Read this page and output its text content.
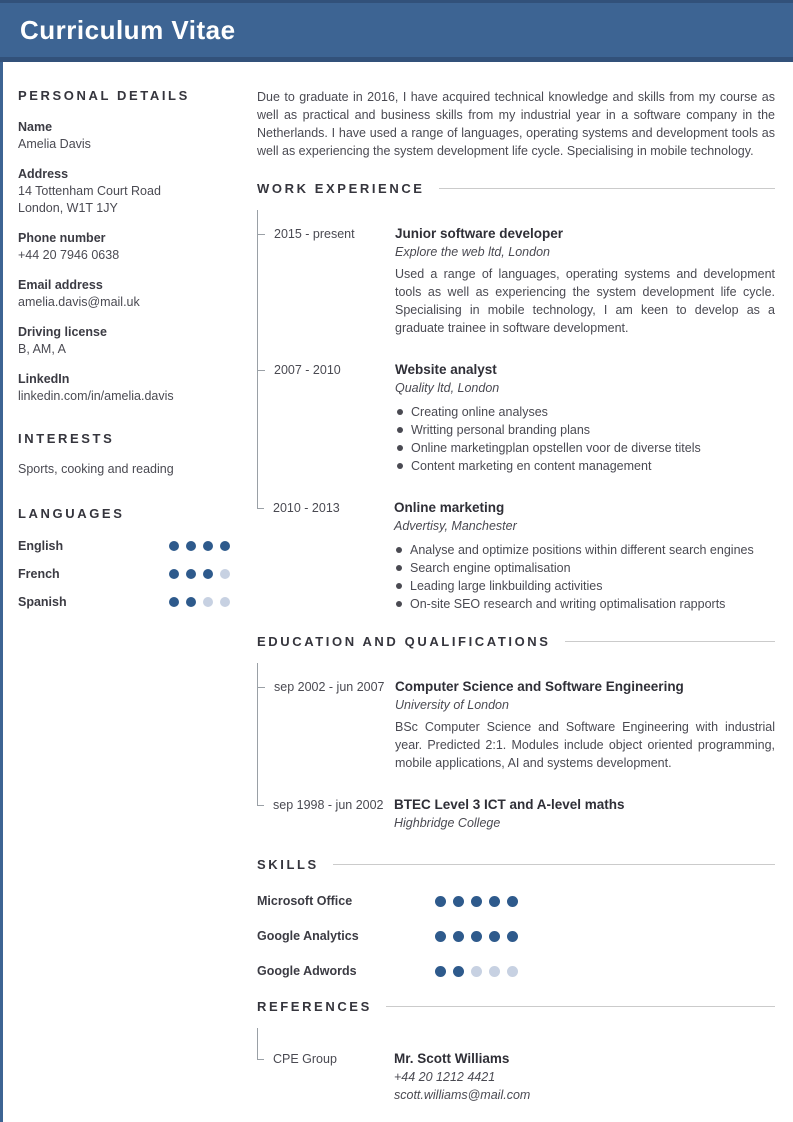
Curriculum Vitae
PERSONAL DETAILS
Name
Amelia Davis
Address
14 Tottenham Court Road
London, W1T 1JY
Phone number
+44 20 7946 0638
Email address
amelia.davis@mail.uk
Driving license
B, AM, A
LinkedIn
linkedin.com/in/amelia.davis
INTERESTS

Sports, cooking and reading

LANGUAGES
English
French
Spanish

Due to graduate in 2016, I have acquired technical knowledge and skills from my course as well as practical and business skills from my industrial year in a software company in the Netherlands. I have used a range of languages, operating systems and development tools as well as experiencing the system development life cycle. Specialising in mobile technology.

WORK EXPERIENCE
2015 - present	Junior software developer
Explore the web ltd, London

Used a range of languages, operating systems and development tools as well as experiencing the system development life cycle. Specialising in mobile technology, I am keen to develop as a graduate trainee in software development.

2007 - 2010	Website analyst
Quality ltd, London
Creating online analyses
Writting personal branding plans
Online marketingplan opstellen voor de diverse titels
Content marketing en content management
2010 - 2013	Online marketing
Advertisy, Manchester
Analyse and optimize positions within different search engines
Search engine optimalisation
Leading large linkbuilding activities
On-site SEO research and writing optimalisation rapports
EDUCATION AND QUALIFICATIONS
sep 2002 - jun 2007 Computer Science and Software Engineering
University of London

BSc Computer Science and Software Engineering with industrial year. Predicted 2:1. Modules include object oriented programming, mobile applications, AI and systems development.

sep 1998 - jun 2002 BTEC Level 3 ICT and A-level maths
Highbridge College
SKILLS
Microsoft Office
Google Analytics
Google Adwords
REFERENCES
CPE Group	Mr. Scott Williams
+44 20 1212 4421
scott.williams@mail.com
